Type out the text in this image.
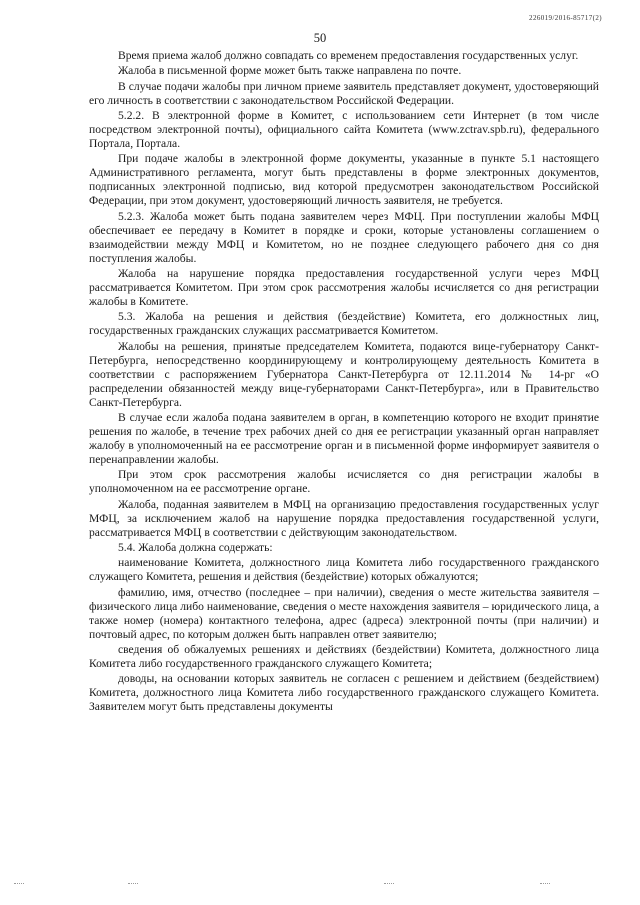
226019/2016-85717(2)
50

Время приема жалоб должно совпадать со временем предоставления государственных услуг.

Жалоба в письменной форме может быть также направлена по почте.

В случае подачи жалобы при личном приеме заявитель представляет документ, удостоверяющий его личность в соответствии с законодательством Российской Федерации.

5.2.2. В электронной форме в Комитет, с использованием сети Интернет (в том числе посредством электронной почты), официального сайта Комитета (www.zctrav.spb.ru), федерального Портала, Портала.

При подаче жалобы в электронной форме документы, указанные в пункте 5.1 настоящего Административного регламента, могут быть представлены в форме электронных документов, подписанных электронной подписью, вид которой предусмотрен законодательством Российской Федерации, при этом документ, удостоверяющий личность заявителя, не требуется.

5.2.3. Жалоба может быть подана заявителем через МФЦ. При поступлении жалобы МФЦ обеспечивает ее передачу в Комитет в порядке и сроки, которые установлены соглашением о взаимодействии между МФЦ и Комитетом, но не позднее следующего рабочего дня со дня поступления жалобы.

Жалоба на нарушение порядка предоставления государственной услуги через МФЦ рассматривается Комитетом. При этом срок рассмотрения жалобы исчисляется со дня регистрации жалобы в Комитете.

5.3. Жалоба на решения и действия (бездействие) Комитета, его должностных лиц, государственных гражданских служащих рассматривается Комитетом.

Жалобы на решения, принятые председателем Комитета, подаются вице-губернатору Санкт-Петербурга, непосредственно координирующему и контролирующему деятельность Комитета в соответствии с распоряжением Губернатора Санкт-Петербурга от 12.11.2014 № 14-рг «О распределении обязанностей между вице-губернаторами Санкт-Петербурга», или в Правительство Санкт-Петербурга.

В случае если жалоба подана заявителем в орган, в компетенцию которого не входит принятие решения по жалобе, в течение трех рабочих дней со дня ее регистрации указанный орган направляет жалобу в уполномоченный на ее рассмотрение орган и в письменной форме информирует заявителя о перенаправлении жалобы.

При этом срок рассмотрения жалобы исчисляется со дня регистрации жалобы в уполномоченном на ее рассмотрение органе.

Жалоба, поданная заявителем в МФЦ на организацию предоставления государственных услуг МФЦ, за исключением жалоб на нарушение порядка предоставления государственной услуги, рассматривается МФЦ в соответствии с действующим законодательством.

5.4. Жалоба должна содержать:

наименование Комитета, должностного лица Комитета либо государственного гражданского служащего Комитета, решения и действия (бездействие) которых обжалуются;

фамилию, имя, отчество (последнее – при наличии), сведения о месте жительства заявителя – физического лица либо наименование, сведения о месте нахождения заявителя – юридического лица, а также номер (номера) контактного телефона, адрес (адреса) электронной почты (при наличии) и почтовый адрес, по которым должен быть направлен ответ заявителю;

сведения об обжалуемых решениях и действиях (бездействии) Комитета, должностного лица Комитета либо государственного гражданского служащего Комитета;

доводы, на основании которых заявитель не согласен с решением и действием (бездействием) Комитета, должностного лица Комитета либо государственного гражданского служащего Комитета. Заявителем могут быть представлены документы
